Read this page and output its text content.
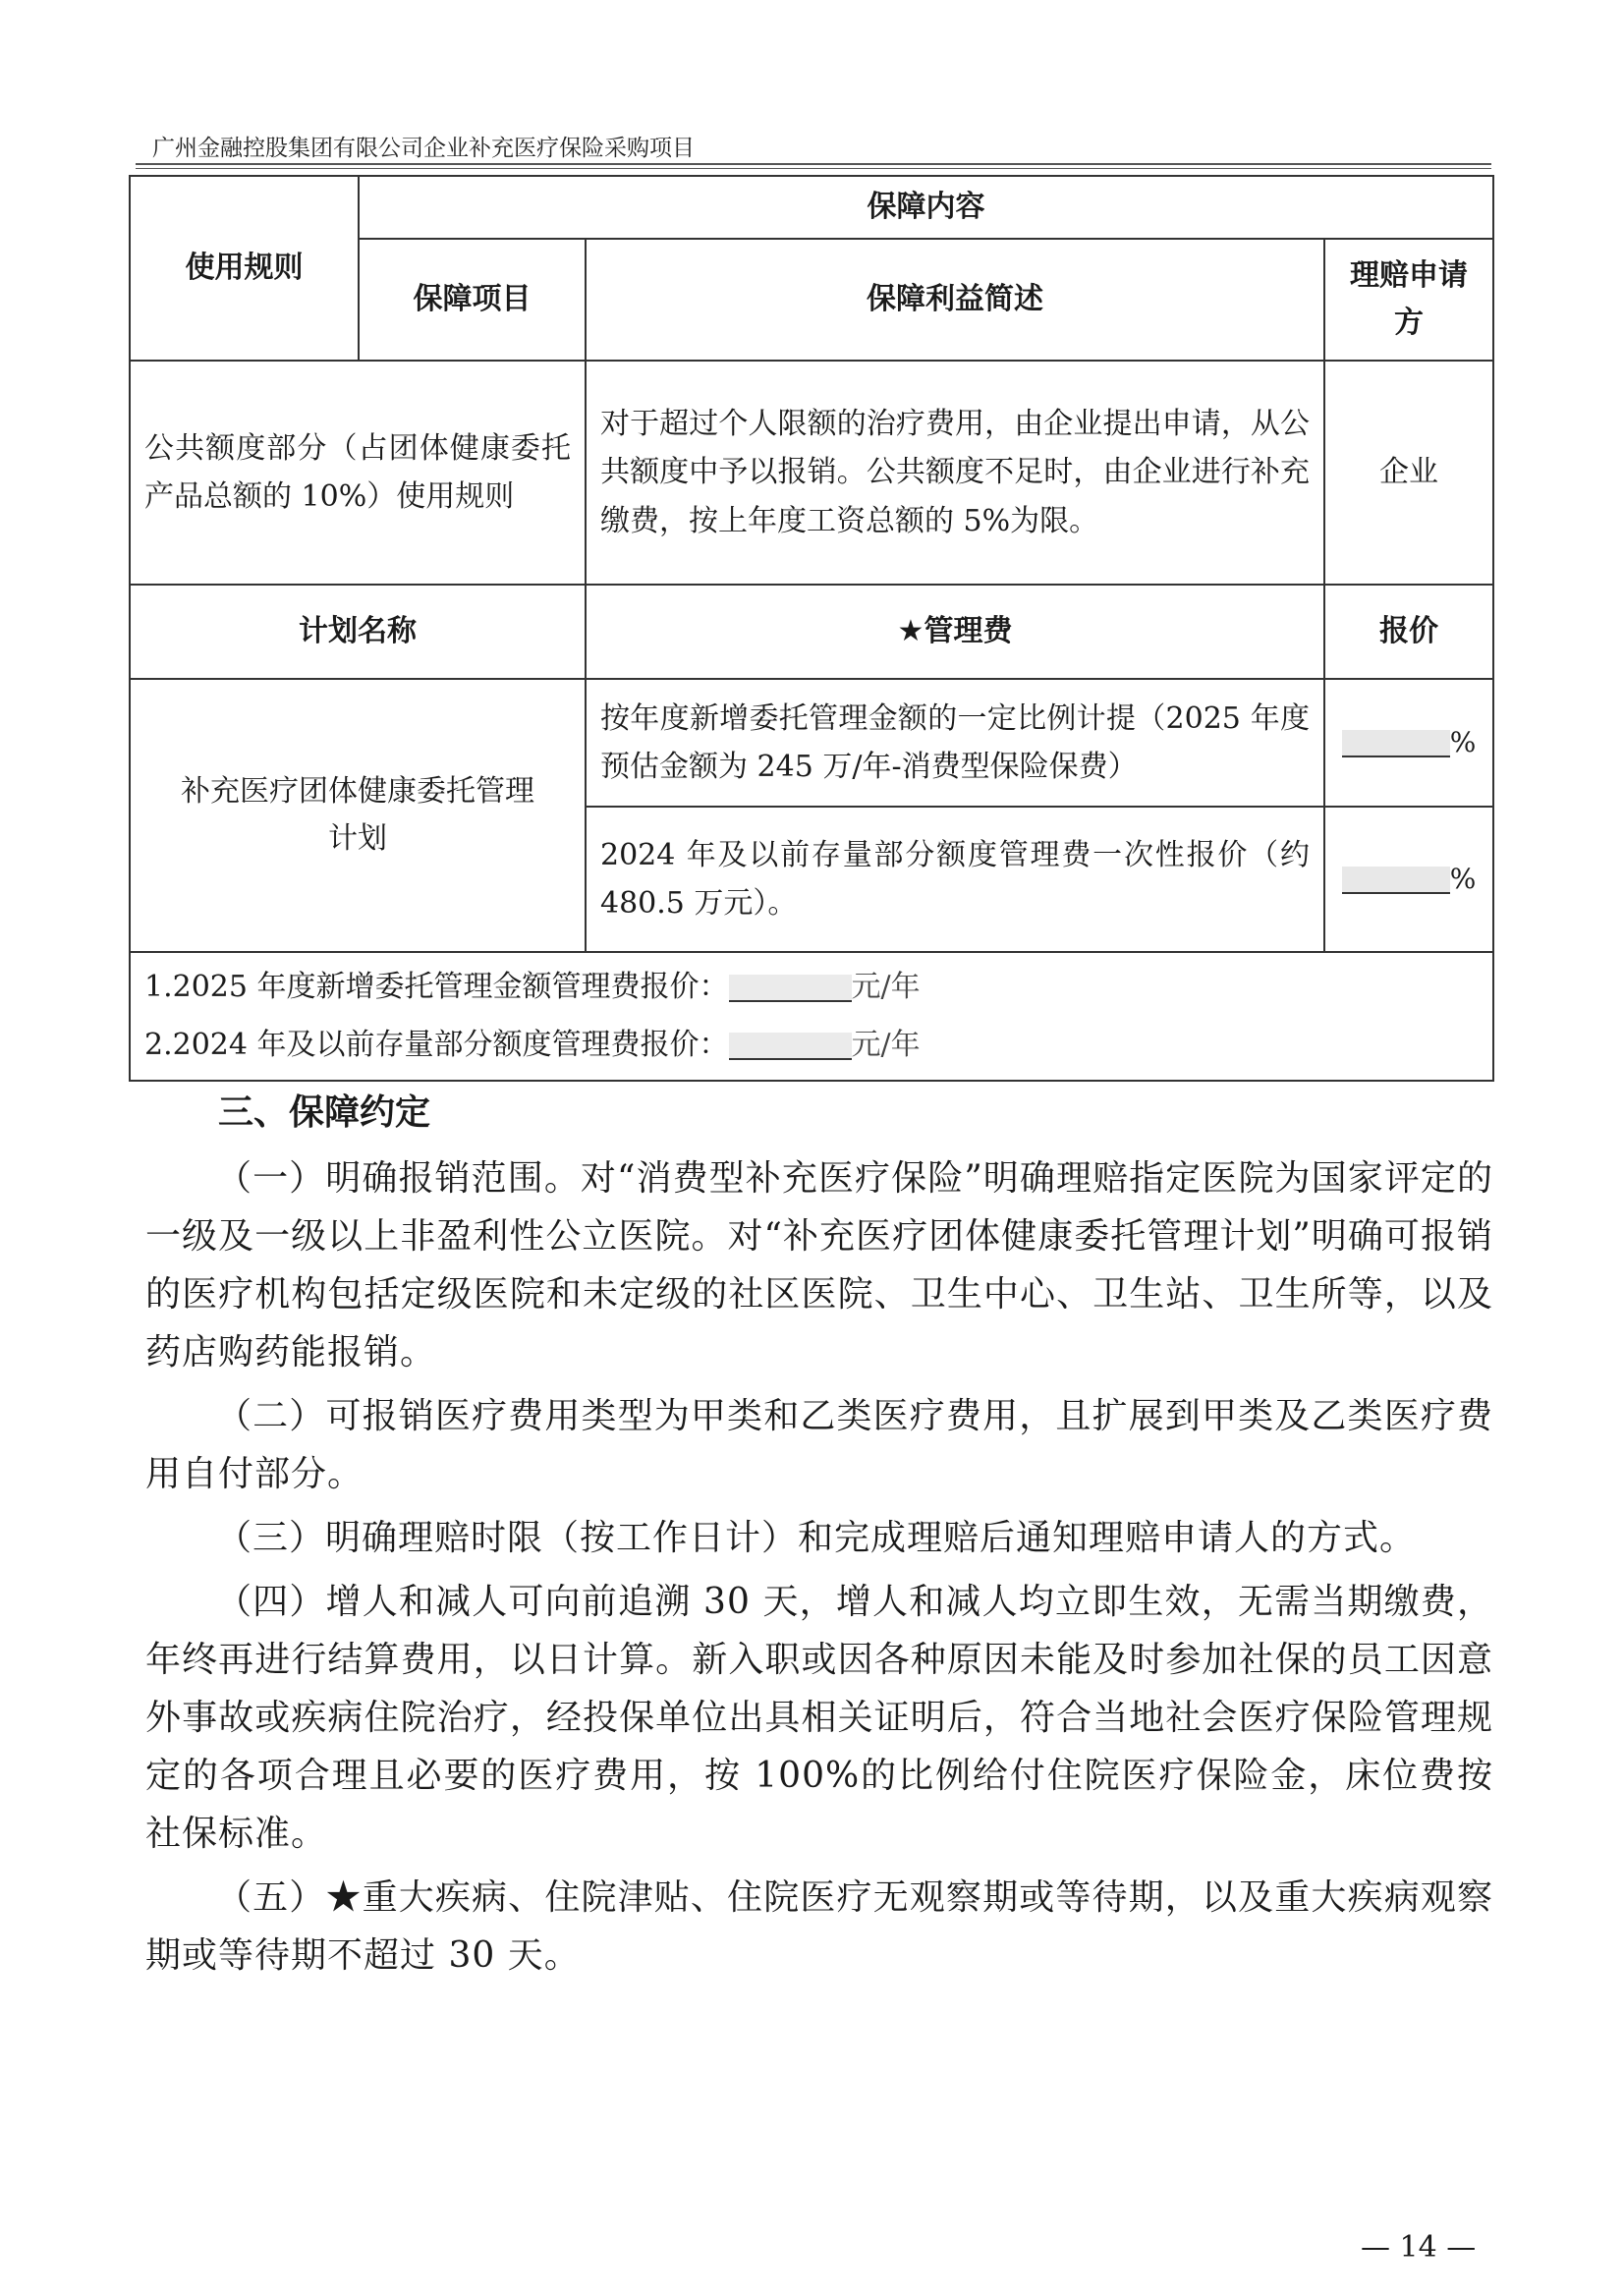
广州金融控股集团有限公司企业补充医疗保险采购项目
使用规则	保障内容		
	保障项目	保障利益简述	理赔申请方
公共额度部分（占团体健康委托产品总额的 10%）使用规则		对于超过个人限额的治疗费用，由企业提出申请，从公共额度中予以报销。公共额度不足时，由企业进行补充缴费，按上年度工资总额的 5%为限。	企业
计划名称		★管理费	报价
补充医疗团体健康委托管理计划		按年度新增委托管理金额的一定比例计提（2025 年度预估金额为 245 万/年-消费型保险保费）	%
		2024 年及以前存量部分额度管理费一次性报价（约 480.5 万元）。	%

1.2025 年度新增委托管理金额管理费报价： 元/年
2.2024 年及以前存量部分额度管理费报价： 元/年			
三、保障约定

（一）明确报销范围。对“消费型补充医疗保险”明确理赔指定医院为国家评定的一级及一级以上非盈利性公立医院。对“补充医疗团体健康委托管理计划”明确可报销的医疗机构包括定级医院和未定级的社区医院、卫生中心、卫生站、卫生所等，以及药店购药能报销。

（二）可报销医疗费用类型为甲类和乙类医疗费用，且扩展到甲类及乙类医疗费用自付部分。

（三）明确理赔时限（按工作日计）和完成理赔后通知理赔申请人的方式。

（四）增人和减人可向前追溯 30 天，增人和减人均立即生效，无需当期缴费，年终再进行结算费用，以日计算。新入职或因各种原因未能及时参加社保的员工因意外事故或疾病住院治疗，经投保单位出具相关证明后，符合当地社会医疗保险管理规定的各项合理且必要的医疗费用，按 100%的比例给付住院医疗保险金，床位费按社保标准。

（五）★重大疾病、住院津贴、住院医疗无观察期或等待期，以及重大疾病观察期或等待期不超过 30 天。

— 14 —
